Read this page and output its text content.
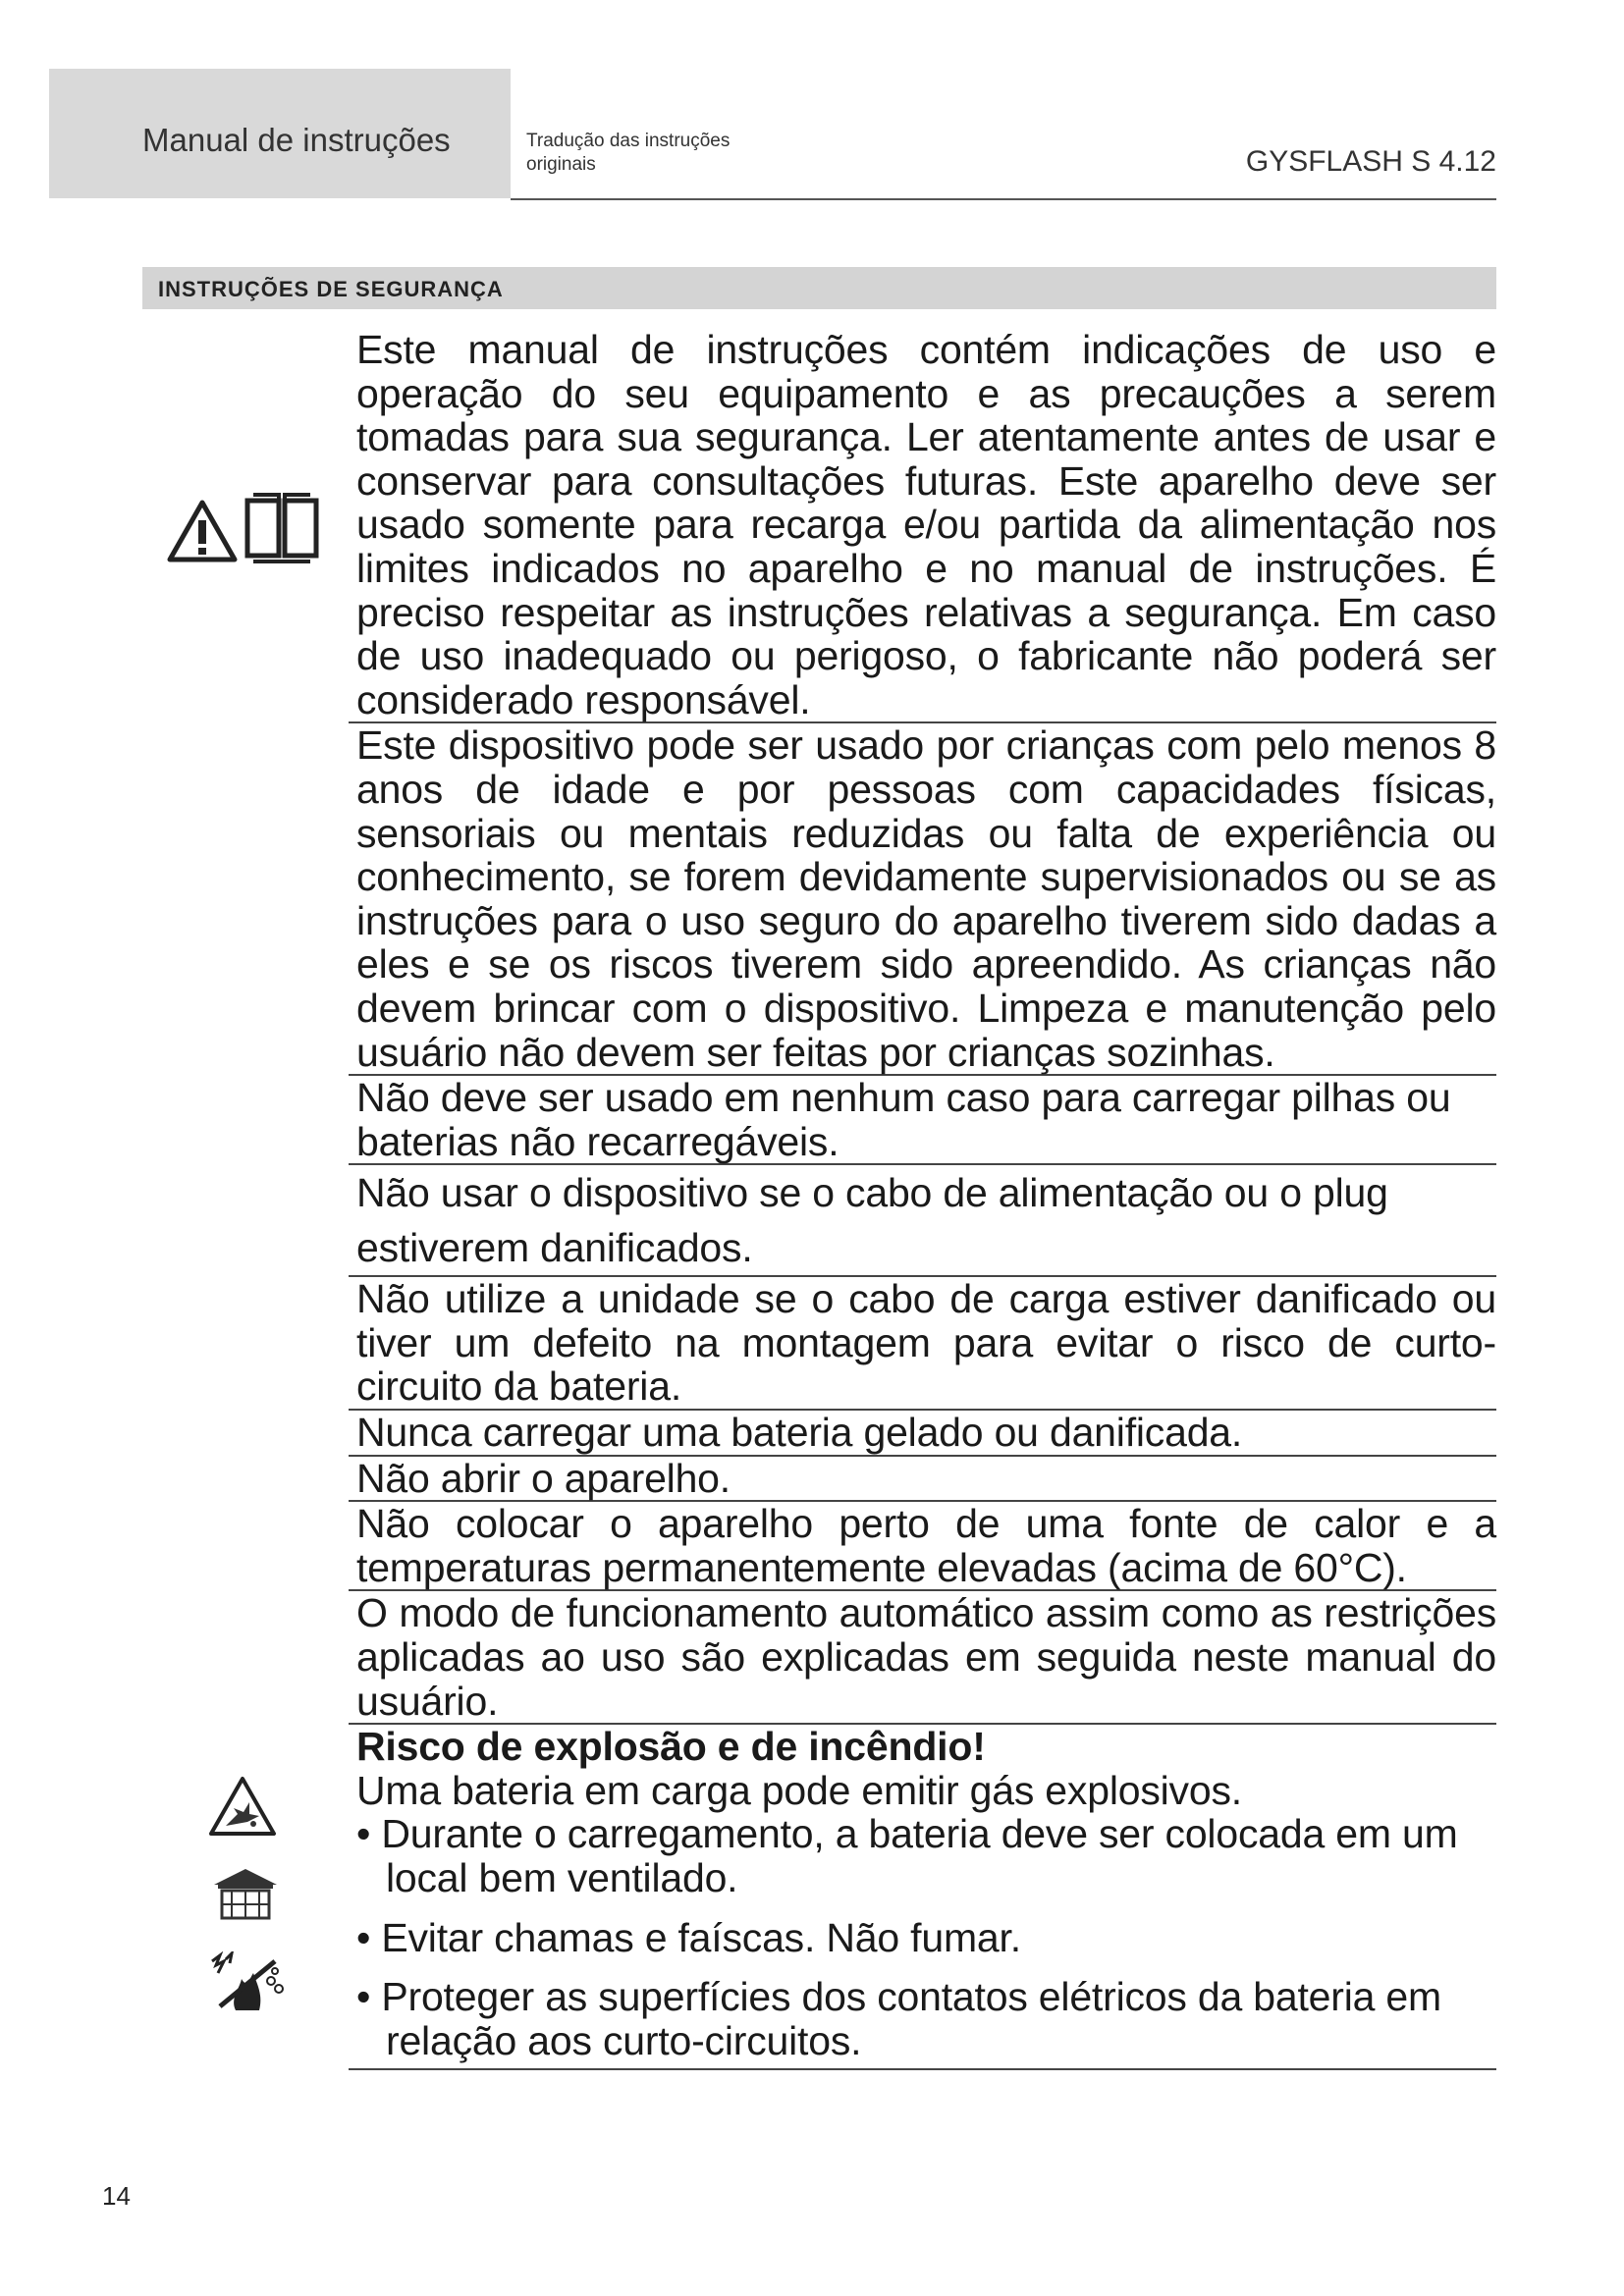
Manual de instruções	Tradução das instruções originais	GYSFLASH S 4.12
INSTRUÇÕES DE SEGURANÇA

Este manual de instruções contém indicações de uso e operação do seu equipamento e as precauções a serem tomadas para sua segurança. Ler atentamente antes de usar e conservar para consultações futuras. Este aparelho deve ser usado somente para recarga e/ou partida da alimentação nos limites indicados no aparelho e no manual de instruções. É preciso respeitar as instruções relativas a segurança. Em caso de uso inadequado ou perigoso, o fabricante não poderá ser considerado responsável.

Este dispositivo pode ser usado por crianças com pelo menos 8 anos de idade e por pessoas com capacidades físicas, sensoriais ou mentais reduzidas ou falta de experiência ou conhecimento, se forem devidamente supervisionados ou se as instruções para o uso seguro do aparelho tiverem sido dadas a eles e se os riscos tiverem sido apreendido. As crianças não devem brincar com o dispositivo. Limpeza e manutenção pelo usuário não devem ser feitas por crianças sozinhas.

Não deve ser usado em nenhum caso para carregar pilhas ou baterias não recarregáveis.

Não usar o dispositivo se o cabo de alimentação ou o plug estiverem danificados.

Não utilize a unidade se o cabo de carga estiver danificado ou tiver um defeito na montagem para evitar o risco de curto-circuito da bateria.

Nunca carregar uma bateria gelado ou danificada.

Não abrir o aparelho.

Não colocar o aparelho perto de uma fonte de calor e a temperaturas permanentemente elevadas (acima de 60°C).

O modo de funcionamento automático assim como as restrições aplicadas ao uso são explicadas em seguida neste manual do usuário.

Risco de explosão e de incêndio!

Uma bateria em carga pode emitir gás explosivos.

• Durante o carregamento, a bateria deve ser colocada em um local bem ventilado.

• Evitar chamas e faíscas. Não fumar.

• Proteger as superfícies dos contatos elétricos da bateria em relação aos curto-circuitos.

14
